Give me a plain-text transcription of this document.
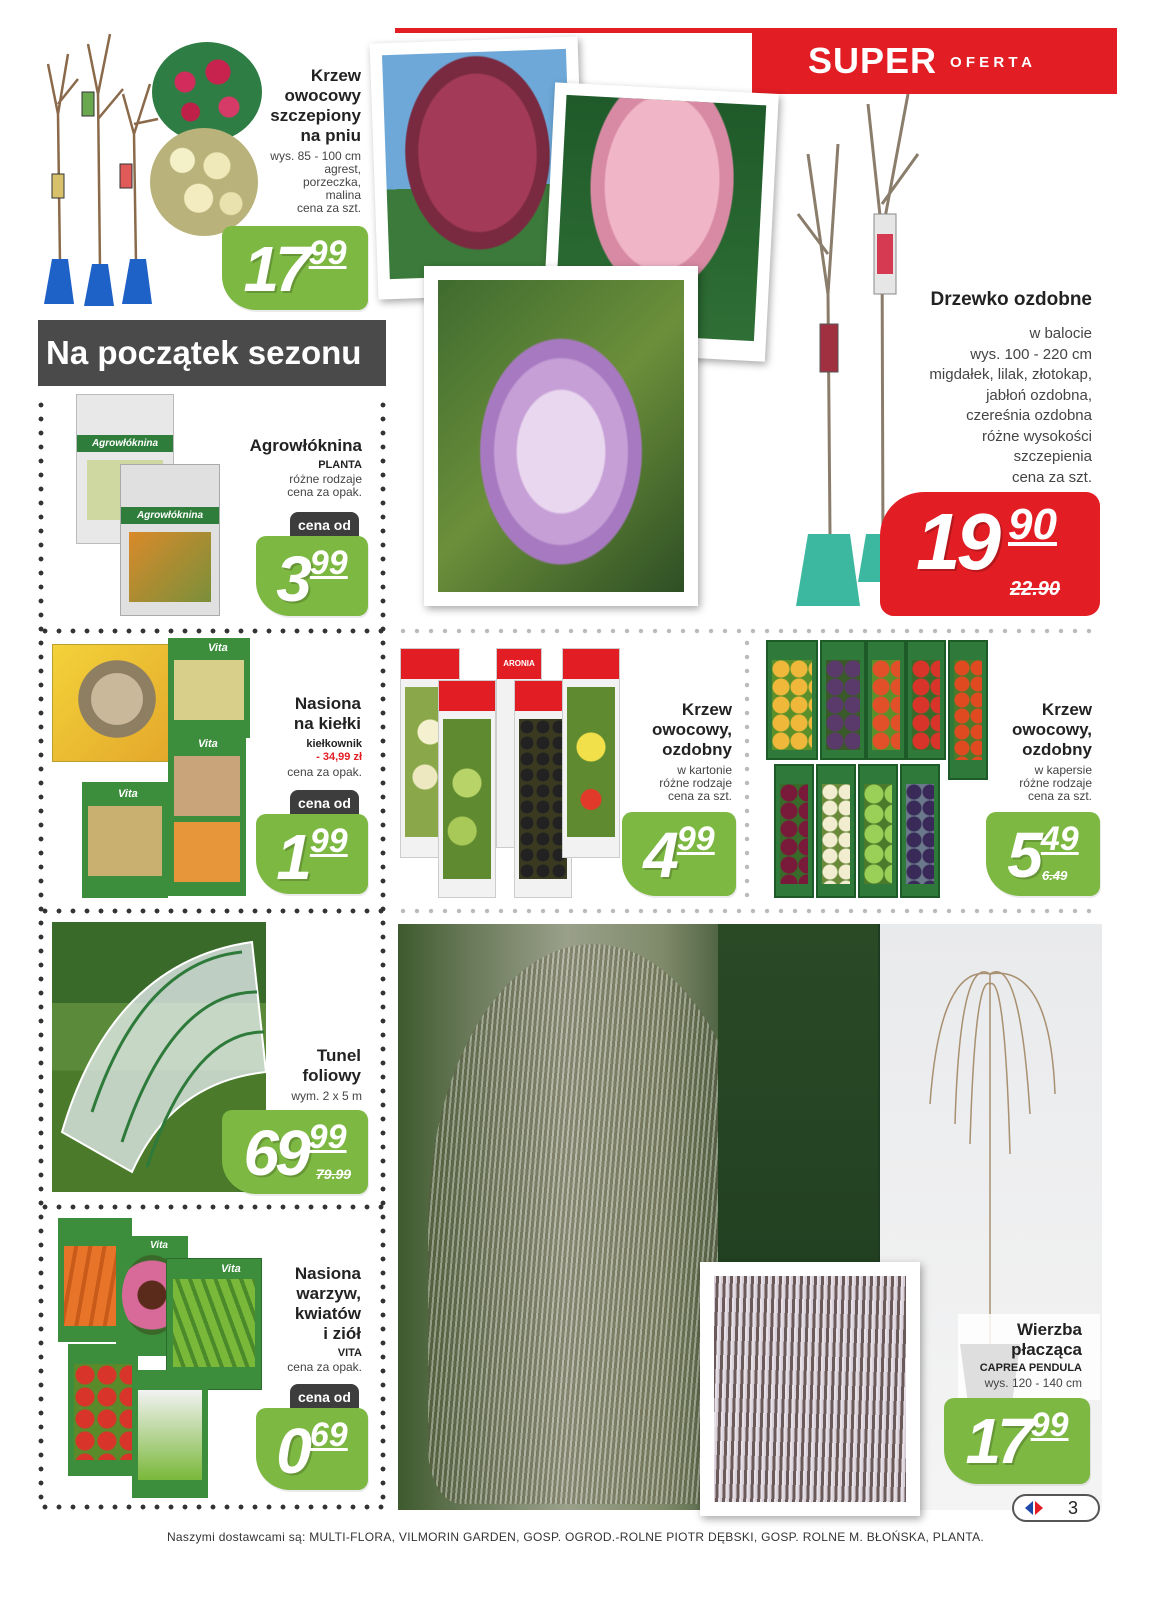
Krzew
owocowy
szczepiony
na pniu
wys. 85 - 100 cm
agrest,
porzeczka,
malina
cena za szt.
17 99
Na początek sezonu
SUPER O F E R T A
Drzewko ozdobne
w balocie
wys. 100 - 220 cm
migdałek, lilak, złotokap,
jabłoń ozdobna,
czereśnia ozdobna
różne wysokości
szczepienia
cena za szt.
19 90
22.90
Agrowłóknina
Agrowłóknina
Agrowłóknina
PLANTA
różne rodzaje
cena za opak.
cena od
3 99
Vita
Vita
Vita
Nasiona
na kiełki
kiełkownik
- 34,99 zł
cena za opak.
cena od
1 99
ARONIA
Krzew
owocowy,
ozdobny
w kartonie
różne rodzaje
cena za szt.
4 99
Krzew
owocowy,
ozdobny
w kapersie
różne rodzaje
cena za szt.
5 49
6.49
Tunel
foliowy
wym. 2 x 5 m
69 99
79.99
Vita
Vita	Nasiona
warzyw,
kwiatów
i ziół
VITA
cena za opak.
cena od
0 69
Wierzba
płacząca
CAPREA PENDULA
wys. 120 - 140 cm
17 99
3
Naszymi dostawcami są: MULTI-FLORA, VILMORIN GARDEN, GOSP. OGROD.-ROLNE PIOTR DĘBSKI, GOSP. ROLNE M. BŁOŃSKA, PLANTA.
